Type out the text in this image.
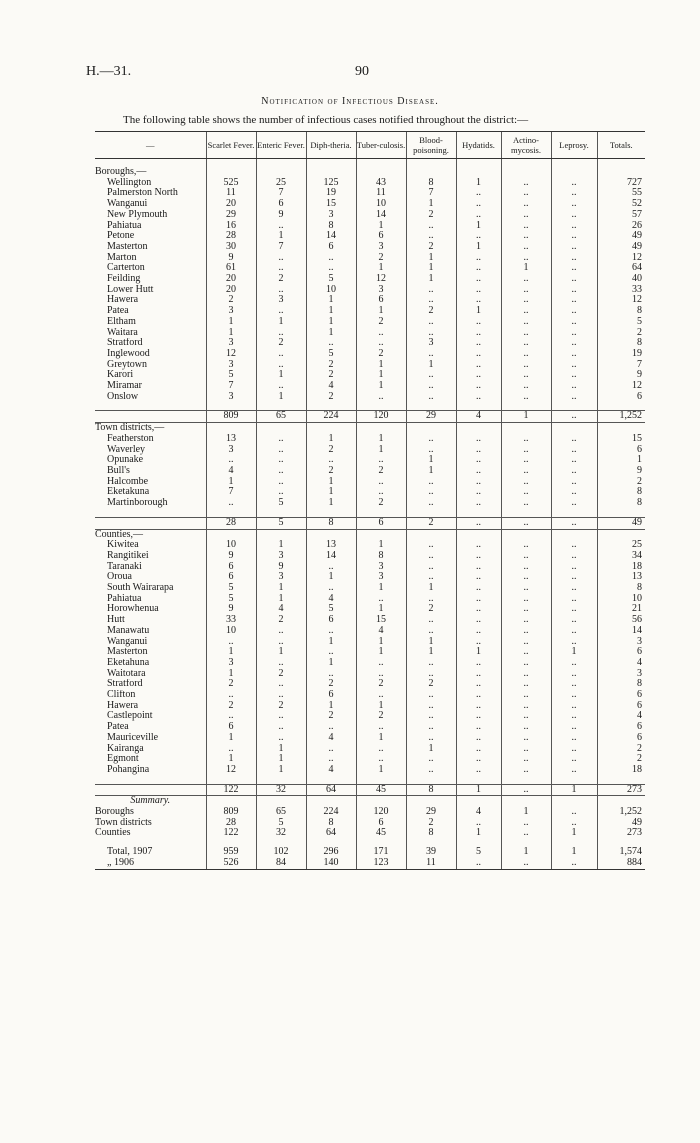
H.—31.	90
Notification of Infectious Disease.
The following table shows the number of infectious cases notified throughout the district:—
—	Scarlet Fever.	Enteric Fever.	Diph-theria.	Tuber-culosis.	Blood-poisoning.	Hydatids.	Actino-mycosis.	Leprosy.	Totals.

Boroughs,—									
Wellington	525	25	125	43	8	1	..	..	727
Palmerston North	11	7	19	11	7	..	..	..	55
Wanganui	20	6	15	10	1	..	..	..	52
New Plymouth	29	9	3	14	2	..	..	..	57
Pahiatua	16	..	8	1	..	1	..	..	26
Petone	28	1	14	6	..	..	..	..	49
Masterton	30	7	6	3	2	1	..	..	49
Marton	9	..	..	2	1	..	..	..	12
Carterton	61	..	..	1	1	..	1	..	64
Feilding	20	2	5	12	1	..	..	..	40
Lower Hutt	20	..	10	3	..	..	..	..	33
Hawera	2	3	1	6	..	..	..	..	12
Patea	3	..	1	1	2	1	..	..	8
Eltham	1	1	1	2	..	..	..	..	5
Waitara	1	..	1	..	..	..	..	..	2
Stratford	3	2	..	..	3	..	..	..	8
Inglewood	12	..	5	2	..	..	..	..	19
Greytown	3	..	2	1	1	..	..	..	7
Karori	5	1	2	1	..	..	..	..	9
Miramar	7	..	4	1	..	..	..	..	12
Onslow	3	1	2	..	..	..	..	..	6

	809	65	224	120	29	4	1	..	1,252
Town districts,—									
Featherston	13	..	1	1	..	..	..	..	15
Waverley	3	..	2	1	..	..	..	..	6
Opunake	..	..	..	..	1	..	..	..	1
Bull's	4	..	2	2	1	..	..	..	9
Halcombe	1	..	1	..	..	..	..	..	2
Eketakuna	7	..	1	..	..	..	..	..	8
Martinborough	..	5	1	2	..	..	..	..	8

	28	5	8	6	2	..	..	..	49
Counties,—									
Kiwitea	10	1	13	1	..	..	..	..	25
Rangitikei	9	3	14	8	..	..	..	..	34
Taranaki	6	9	..	3	..	..	..	..	18
Oroua	6	3	1	3	..	..	..	..	13
South Wairarapa	5	1	..	1	1	..	..	..	8
Pahiatua	5	1	4	..	..	..	..	..	10
Horowhenua	9	4	5	1	2	..	..	..	21
Hutt	33	2	6	15	..	..	..	..	56
Manawatu	10	..	..	4	..	..	..	..	14
Wanganui	..	..	1	1	1	..	..	..	3
Masterton	1	1	..	1	1	1	..	1	6
Eketahuna	3	..	1	..	..	..	..	..	4
Waitotara	1	2	..	..	..	..	..	..	3
Stratford	2	..	2	2	2	..	..	..	8
Clifton	..	..	6	..	..	..	..	..	6
Hawera	2	2	1	1	..	..	..	..	6
Castlepoint	..	..	2	2	..	..	..	..	4
Patea	6	..	..	..	..	..	..	..	6
Mauriceville	1	..	4	1	..	..	..	..	6
Kairanga	..	1	..	..	1	..	..	..	2
Egmont	1	1	..	..	..	..	..	..	2
Pohangina	12	1	4	1	..	..	..	..	18

	122	32	64	45	8	1	..	1	273
Summary.									
Boroughs	809	65	224	120	29	4	1	..	1,252
Town districts	28	5	8	6	2	..	..	..	49
Counties	122	32	64	45	8	1	..	1	273

Total, 1907	959	102	296	171	39	5	1	1	1,574
„ 1906	526	84	140	123	11	..	..	..	884
